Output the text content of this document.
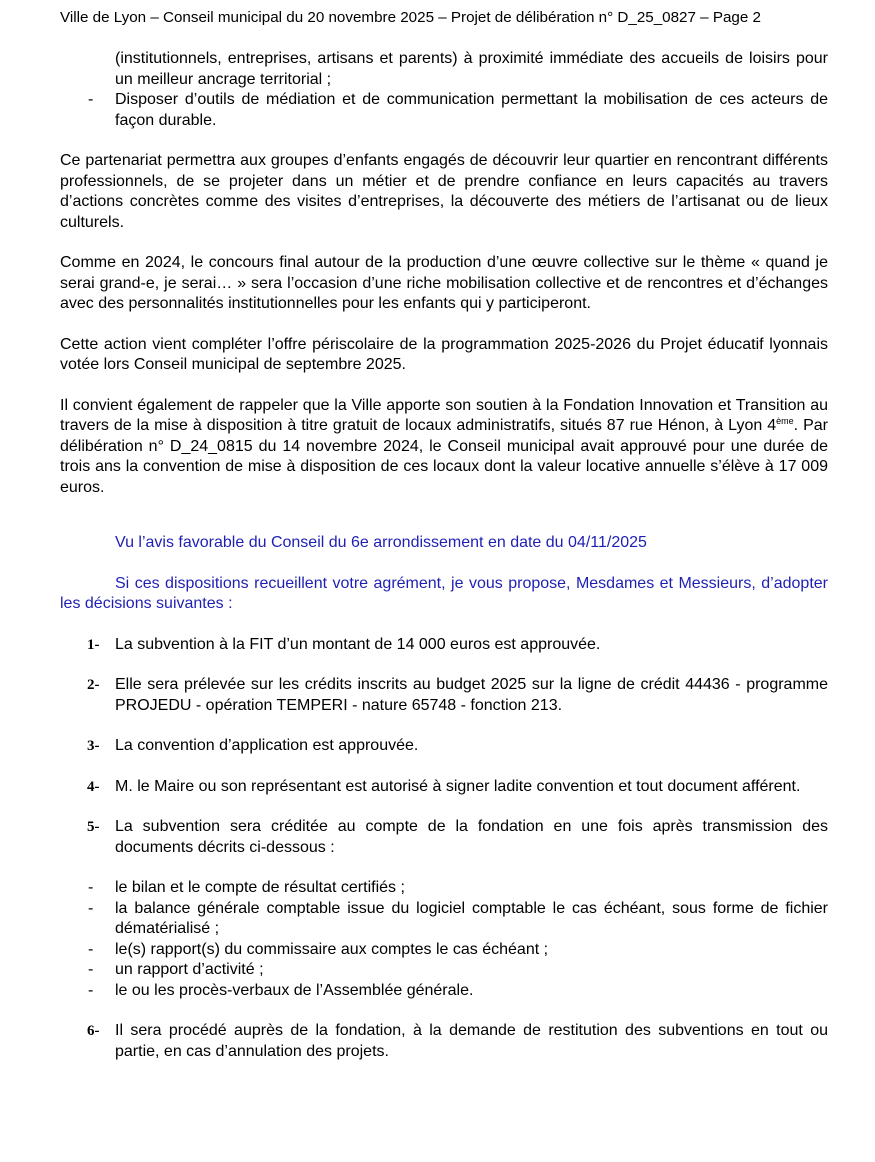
Ville de Lyon – Conseil municipal du 20 novembre 2025 – Projet de délibération n° D_25_0827 – Page 2

(institutionnels, entreprises, artisans et parents) à proximité immédiate des accueils de loisirs pour un meilleur ancrage territorial ;

-	Disposer d’outils de médiation et de communication permettant la mobilisation de ces acteurs de façon durable.

Ce partenariat permettra aux groupes d’enfants engagés de découvrir leur quartier en rencontrant différents professionnels, de se projeter dans un métier et de prendre confiance en leurs capacités au travers d’actions concrètes comme des visites d’entreprises, la découverte des métiers de l’artisanat ou de lieux culturels.

Comme en 2024, le concours final autour de la production d’une œuvre collective sur le thème « quand je serai grand-e, je serai… » sera l’occasion d’une riche mobilisation collective et de rencontres et d’échanges avec des personnalités institutionnelles pour les enfants qui y participeront.

Cette action vient compléter l’offre périscolaire de la programmation 2025-2026 du Projet éducatif lyonnais votée lors Conseil municipal de septembre 2025.

Il convient également de rappeler que la Ville apporte son soutien à la Fondation Innovation et Transition au travers de la mise à disposition à titre gratuit de locaux administratifs, situés 87 rue Hénon, à Lyon 4ème. Par délibération n° D_24_0815 du 14 novembre 2024, le Conseil municipal avait approuvé pour une durée de trois ans la convention de mise à disposition de ces locaux dont la valeur locative annuelle s’élève à 17 009 euros.

Vu l’avis favorable du Conseil du 6e arrondissement en date du 04/11/2025

Si ces dispositions recueillent votre agrément, je vous propose, Mesdames et Messieurs, d’adopter les décisions suivantes :

1- La subvention à la FIT d’un montant de 14 000 euros est approuvée.
2- Elle sera prélevée sur les crédits inscrits au budget 2025 sur la ligne de crédit 44436 - programme PROJEDU - opération TEMPERI - nature 65748 - fonction 213.
3- La convention d’application est approuvée.
4- M. le Maire ou son représentant est autorisé à signer ladite convention et tout document afférent.
5- La subvention sera créditée au compte de la fondation en une fois après transmission des documents décrits ci-dessous :
-	le bilan et le compte de résultat certifiés ;
-	la balance générale comptable issue du logiciel comptable le cas échéant, sous forme de fichier dématérialisé ;
-	le(s) rapport(s) du commissaire aux comptes le cas échéant ;
-	un rapport d’activité ;
-	le ou les procès-verbaux de l’Assemblée générale.
6- Il sera procédé auprès de la fondation, à la demande de restitution des subventions en tout ou partie, en cas d’annulation des projets.
